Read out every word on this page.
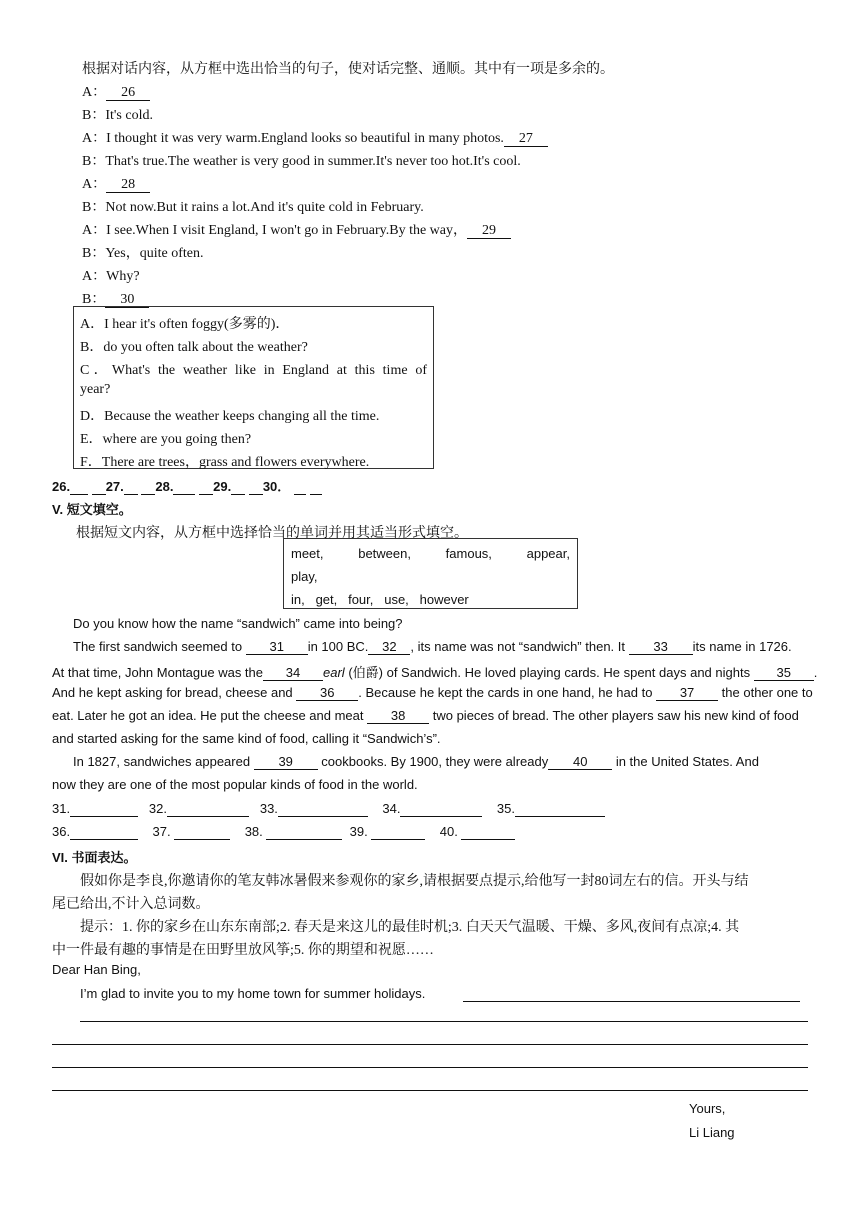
根据对话内容，从方框中选出恰当的句子，使对话完整、通顺。其中有一项是多余的。
A： 26
B：It's cold.
A：I thought it was very warm.England looks so beautiful in many photos. 27
B：That's true.The weather is very good in summer.It's never too hot.It's cool.
A： 28
B：Not now.But it rains a lot.And it's quite cold in February.
A：I see.When I visit England, I won't go in February.By the way， 29
B：Yes，quite often.
A：Why?
B： 30
A．I hear it's often foggy(多雾的)．
B．do you often talk about the weather?
C．What's the weather like in England at this time of
year?
D．Because the weather keeps changing all the time.
E．where are you going then?
F．There are trees，grass and flowers everywhere.
26.	27. 28.	29. 30．
V. 短文填空。
根据短文内容，从方框中选择恰当的单词并用其适当形式填空。
meet, between, famous, appear,
play,
in,   get,   four,   use,   however
Do you know how the name “sandwich” came into being?
The first sandwich seemed to 31 in 100 BC. 32 , its name was not “sandwich” then. It 33 its name in 1726.
At that time, John Montague was the 34 earl (伯爵) of Sandwich. He loved playing cards. He spent days and nights 35 .
And he kept asking for bread, cheese and 36 . Because he kept the cards in one hand, he had to 37 the other one to
eat. Later he got an idea. He put the cheese and meat 38 two pieces of bread. The other players saw his new kind of food
and started asking for the same kind of food, calling it “Sandwich’s”.
In 1827, sandwiches appeared 39 cookbooks. By 1900, they were already 40 in the United States. And
now they are one of the most popular kinds of food in the world.
31.	32.	33.	34.	35.
36.	37.	38.	39.	40.
VI. 书面表达。
假如你是李良,你邀请你的笔友韩冰暑假来参观你的家乡,请根据要点提示,给他写一封80词左右的信。开头与结
尾已给出,不计入总词数。
提示：1. 你的家乡在山东东南部;2. 春天是来这儿的最佳时机;3. 白天天气温暖、干燥、多风,夜间有点凉;4. 其
中一件最有趣的事情是在田野里放风筝;5. 你的期望和祝愿……
Dear Han Bing,
I’m glad to invite you to my home town for summer holidays.
Yours,
Li Liang
